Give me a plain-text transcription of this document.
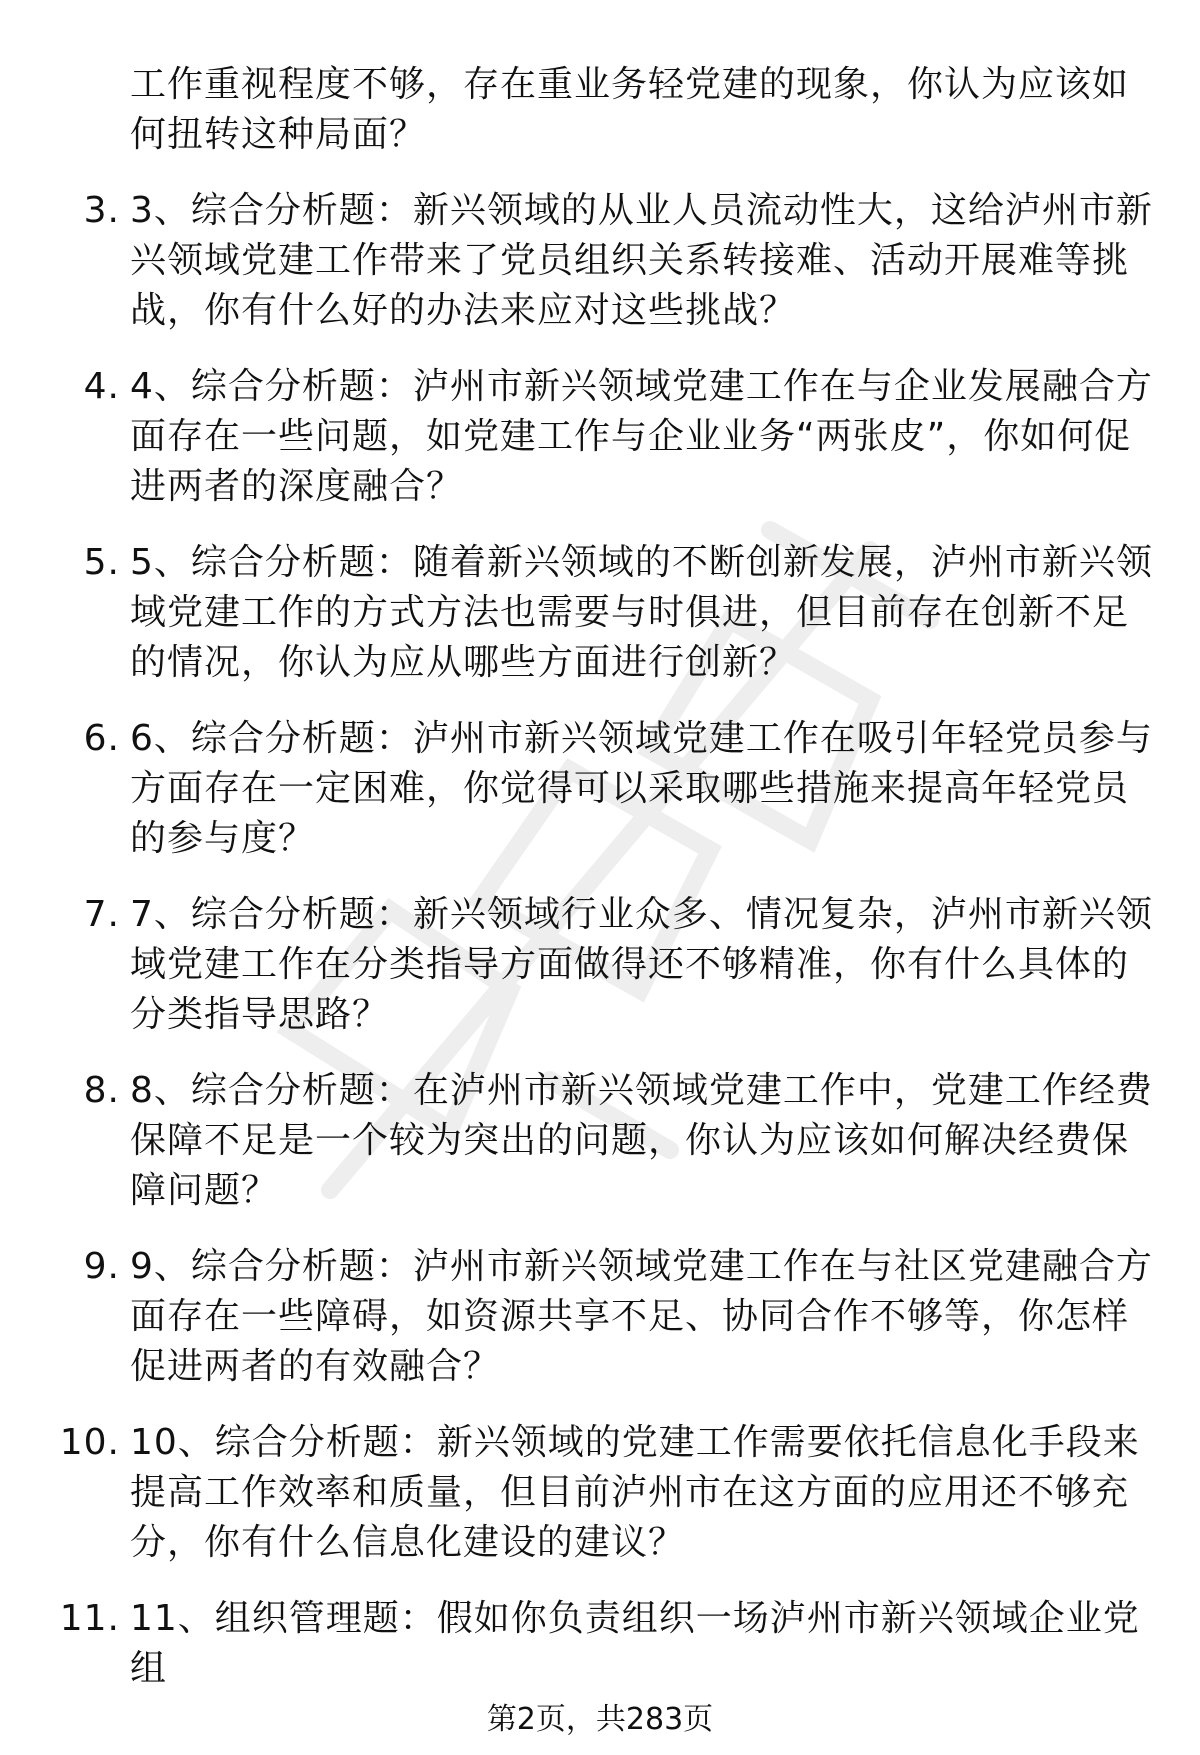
工作重视程度不够，存在重业务轻党建的现象，你认为应该如何扭转这种局面？
3. 3、综合分析题：新兴领域的从业人员流动性大，这给泸州市新兴领域党建工作带来了党员组织关系转接难、活动开展难等挑战，你有什么好的办法来应对这些挑战？
4. 4、综合分析题：泸州市新兴领域党建工作在与企业发展融合方面存在一些问题，如党建工作与企业业务“两张皮”，你如何促进两者的深度融合？
5. 5、综合分析题：随着新兴领域的不断创新发展，泸州市新兴领域党建工作的方式方法也需要与时俱进，但目前存在创新不足的情况，你认为应从哪些方面进行创新？
6. 6、综合分析题：泸州市新兴领域党建工作在吸引年轻党员参与方面存在一定困难，你觉得可以采取哪些措施来提高年轻党员的参与度？
7. 7、综合分析题：新兴领域行业众多、情况复杂，泸州市新兴领域党建工作在分类指导方面做得还不够精准，你有什么具体的分类指导思路？
8. 8、综合分析题：在泸州市新兴领域党建工作中，党建工作经费保障不足是一个较为突出的问题，你认为应该如何解决经费保障问题？
9. 9、综合分析题：泸州市新兴领域党建工作在与社区党建融合方面存在一些障碍，如资源共享不足、协同合作不够等，你怎样促进两者的有效融合？
10. 10、综合分析题：新兴领域的党建工作需要依托信息化手段来提高工作效率和质量，但目前泸州市在这方面的应用还不够充分，你有什么信息化建设的建议？
11. 11、组织管理题：假如你负责组织一场泸州市新兴领域企业党组
第2页，共283页
